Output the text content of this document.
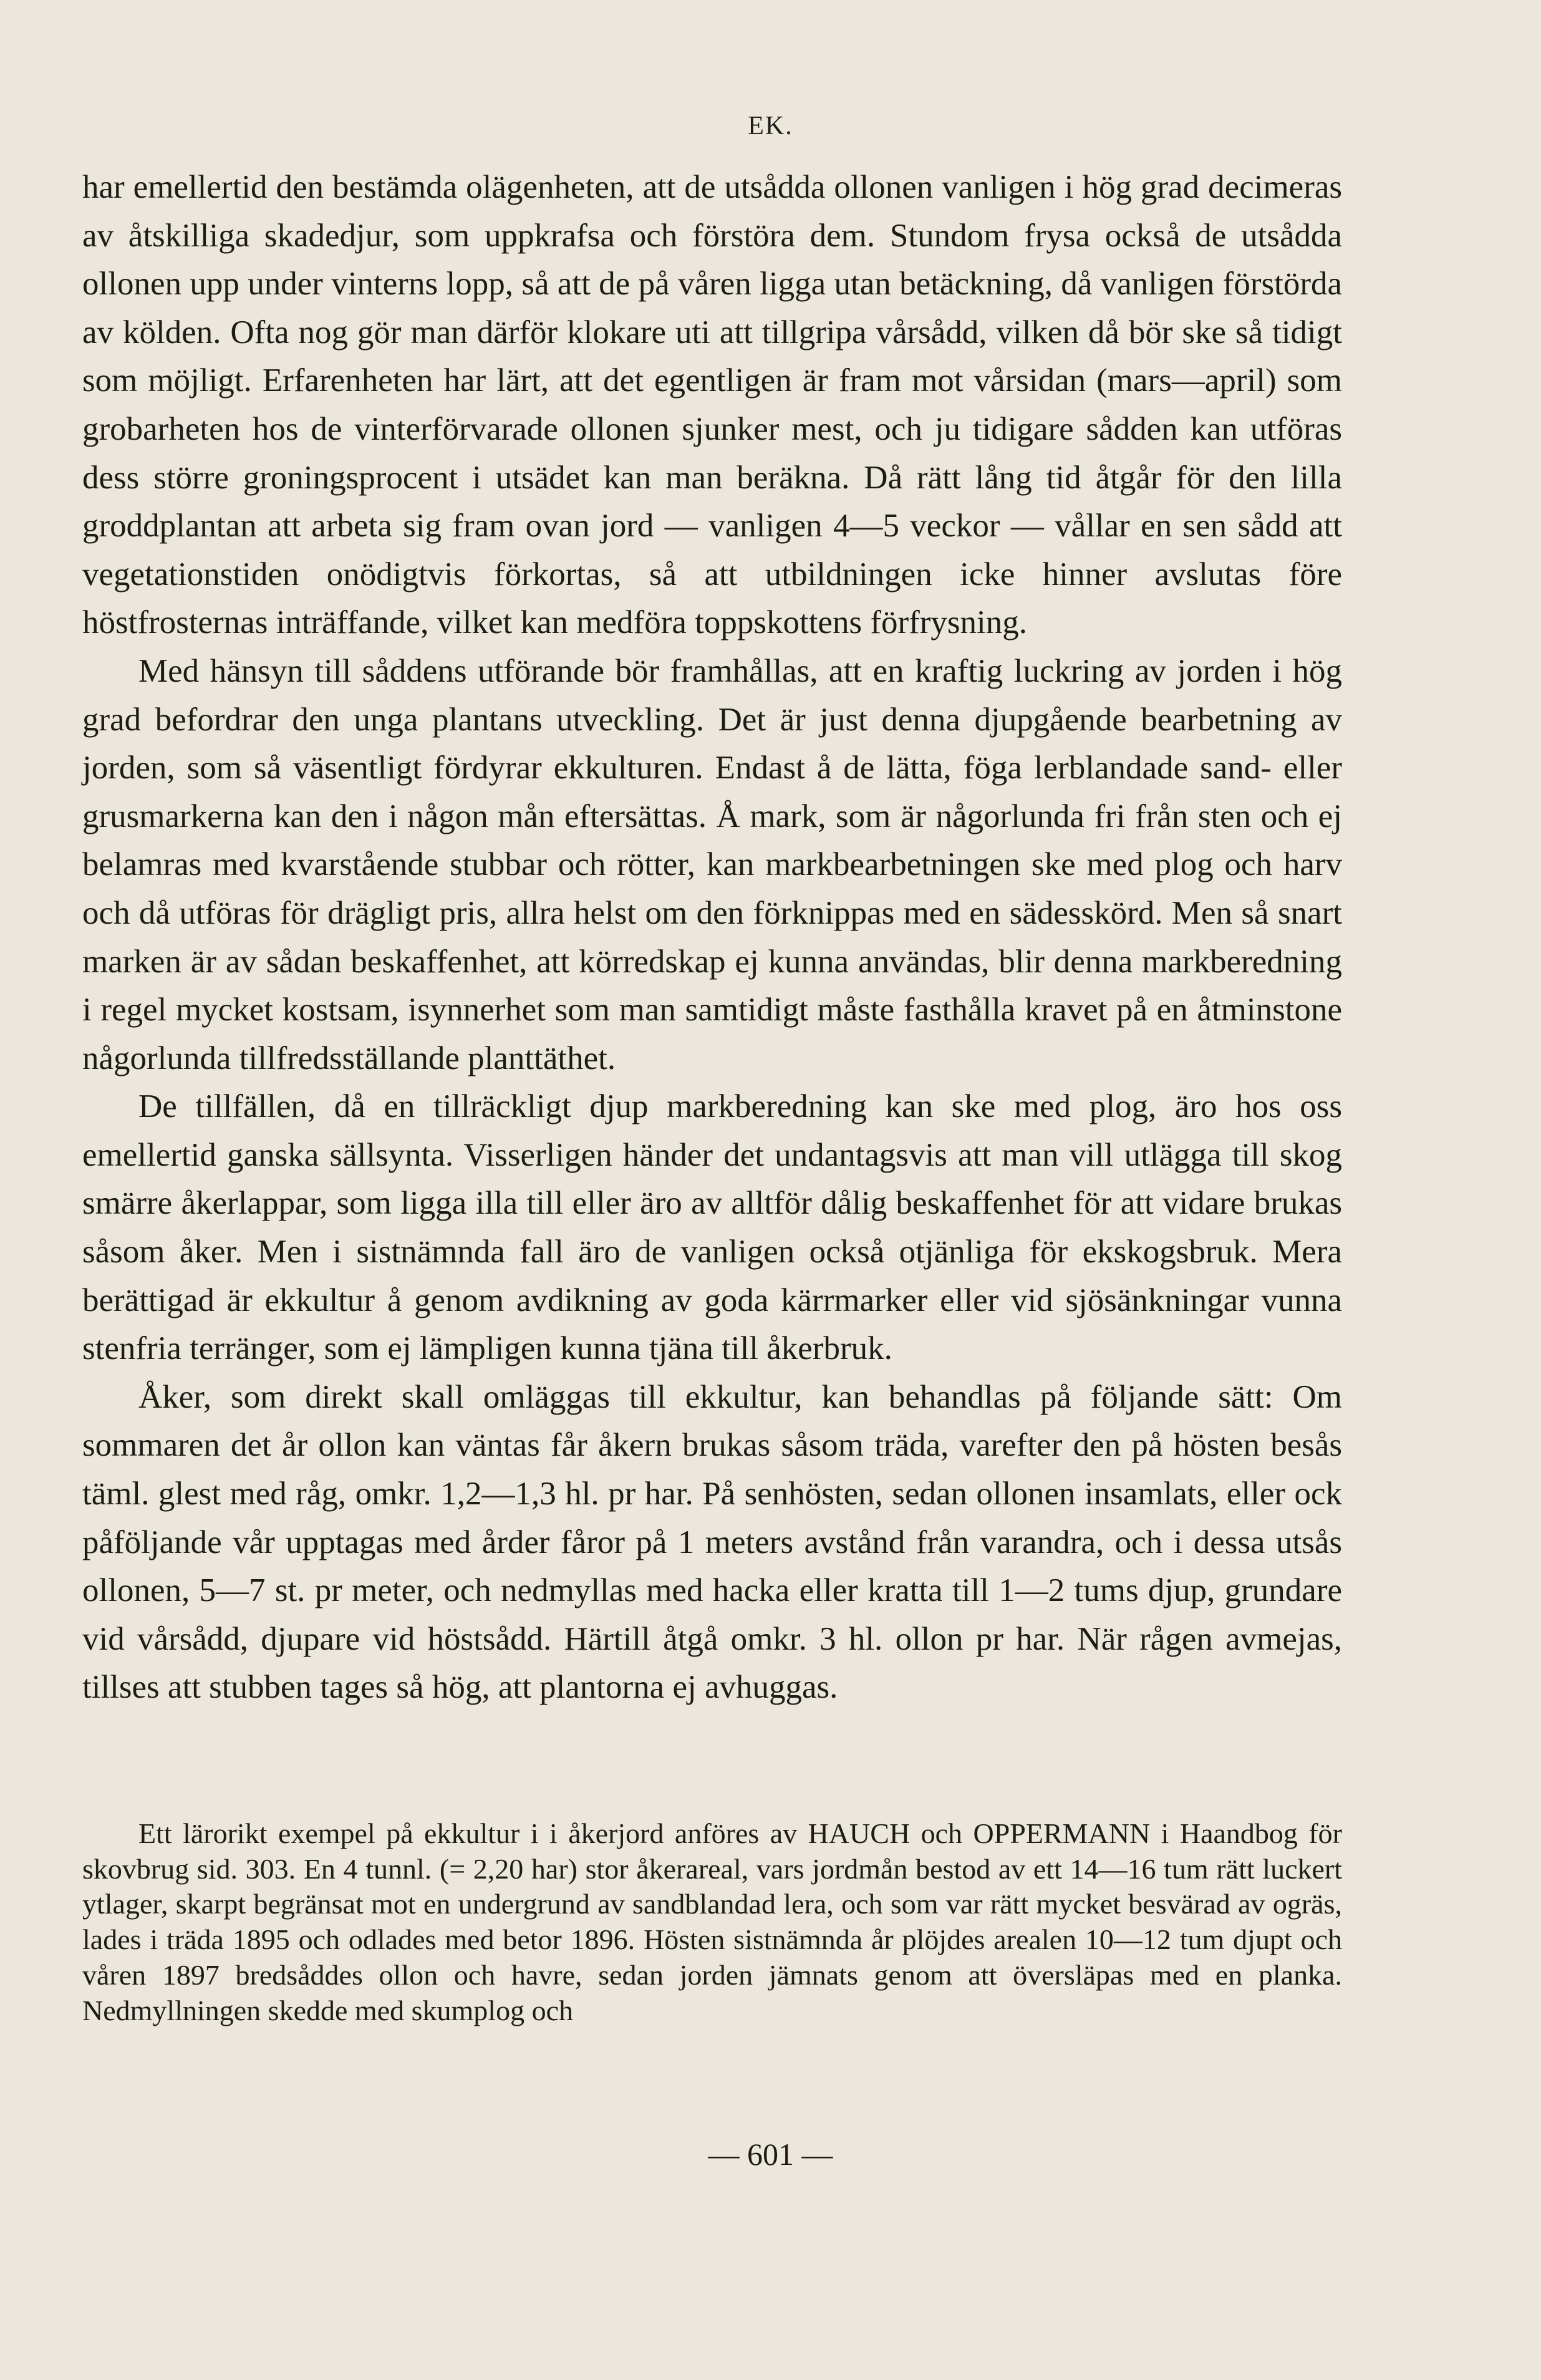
EK.

har emellertid den bestämda olägenheten, att de utsådda ollonen vanligen i hög grad decimeras av åtskilliga skadedjur, som uppkrafsa och förstöra dem. Stundom frysa också de utsådda ollonen upp under vinterns lopp, så att de på våren ligga utan betäckning, då vanligen förstörda av kölden. Ofta nog gör man därför klokare uti att tillgripa vårsådd, vilken då bör ske så tidigt som möjligt. Erfarenheten har lärt, att det egentligen är fram mot vårsidan (mars—april) som grobarheten hos de vinterförvarade ollonen sjunker mest, och ju tidigare sådden kan utföras dess större groningsprocent i utsädet kan man beräkna. Då rätt lång tid åtgår för den lilla groddplantan att arbeta sig fram ovan jord — vanligen 4—5 veckor — vållar en sen sådd att vegetationstiden onödigtvis förkortas, så att utbildningen icke hinner avslutas före höstfrosternas inträffande, vilket kan medföra toppskottens förfrysning.

Med hänsyn till såddens utförande bör framhållas, att en kraftig luckring av jorden i hög grad befordrar den unga plantans utveckling. Det är just denna djupgående bearbetning av jorden, som så väsentligt fördyrar ekkulturen. Endast å de lätta, föga lerblandade sand- eller grusmarkerna kan den i någon mån eftersättas. Å mark, som är någorlunda fri från sten och ej belamras med kvarstående stubbar och rötter, kan markbearbetningen ske med plog och harv och då utföras för drägligt pris, allra helst om den förknippas med en sädesskörd. Men så snart marken är av sådan beskaffenhet, att körredskap ej kunna användas, blir denna markberedning i regel mycket kostsam, isynnerhet som man samtidigt måste fasthålla kravet på en åtminstone någorlunda tillfredsställande planttäthet.

De tillfällen, då en tillräckligt djup markberedning kan ske med plog, äro hos oss emellertid ganska sällsynta. Visserligen händer det undantagsvis att man vill utlägga till skog smärre åkerlappar, som ligga illa till eller äro av alltför dålig beskaffenhet för att vidare brukas såsom åker. Men i sistnämnda fall äro de vanligen också otjänliga för ekskogsbruk. Mera berättigad är ekkultur å genom avdikning av goda kärrmarker eller vid sjösänkningar vunna stenfria terränger, som ej lämpligen kunna tjäna till åkerbruk.

Åker, som direkt skall omläggas till ekkultur, kan behandlas på följande sätt: Om sommaren det år ollon kan väntas får åkern brukas såsom träda, varefter den på hösten besås täml. glest med råg, omkr. 1,2—1,3 hl. pr har. På senhösten, sedan ollonen insamlats, eller ock påföljande vår upptagas med årder fåror på 1 meters avstånd från varandra, och i dessa utsås ollonen, 5—7 st. pr meter, och nedmyllas med hacka eller kratta till 1—2 tums djup, grundare vid vårsådd, djupare vid höstsådd. Härtill åtgå omkr. 3 hl. ollon pr har. När rågen avmejas, tillses att stubben tages så hög, att plantorna ej avhuggas.

Ett lärorikt exempel på ekkultur i i åkerjord anföres av HAUCH och OPPERMANN i Haandbog för skovbrug sid. 303. En 4 tunnl. (= 2,20 har) stor åkerareal, vars jordmån bestod av ett 14—16 tum rätt luckert ytlager, skarpt begränsat mot en undergrund av sandblandad lera, och som var rätt mycket besvärad av ogräs, lades i träda 1895 och odlades med betor 1896. Hösten sistnämnda år plöjdes arealen 10—12 tum djupt och våren 1897 bredsåddes ollon och havre, sedan jorden jämnats genom att översläpas med en planka. Nedmyllningen skedde med skumplog och

— 601 —
